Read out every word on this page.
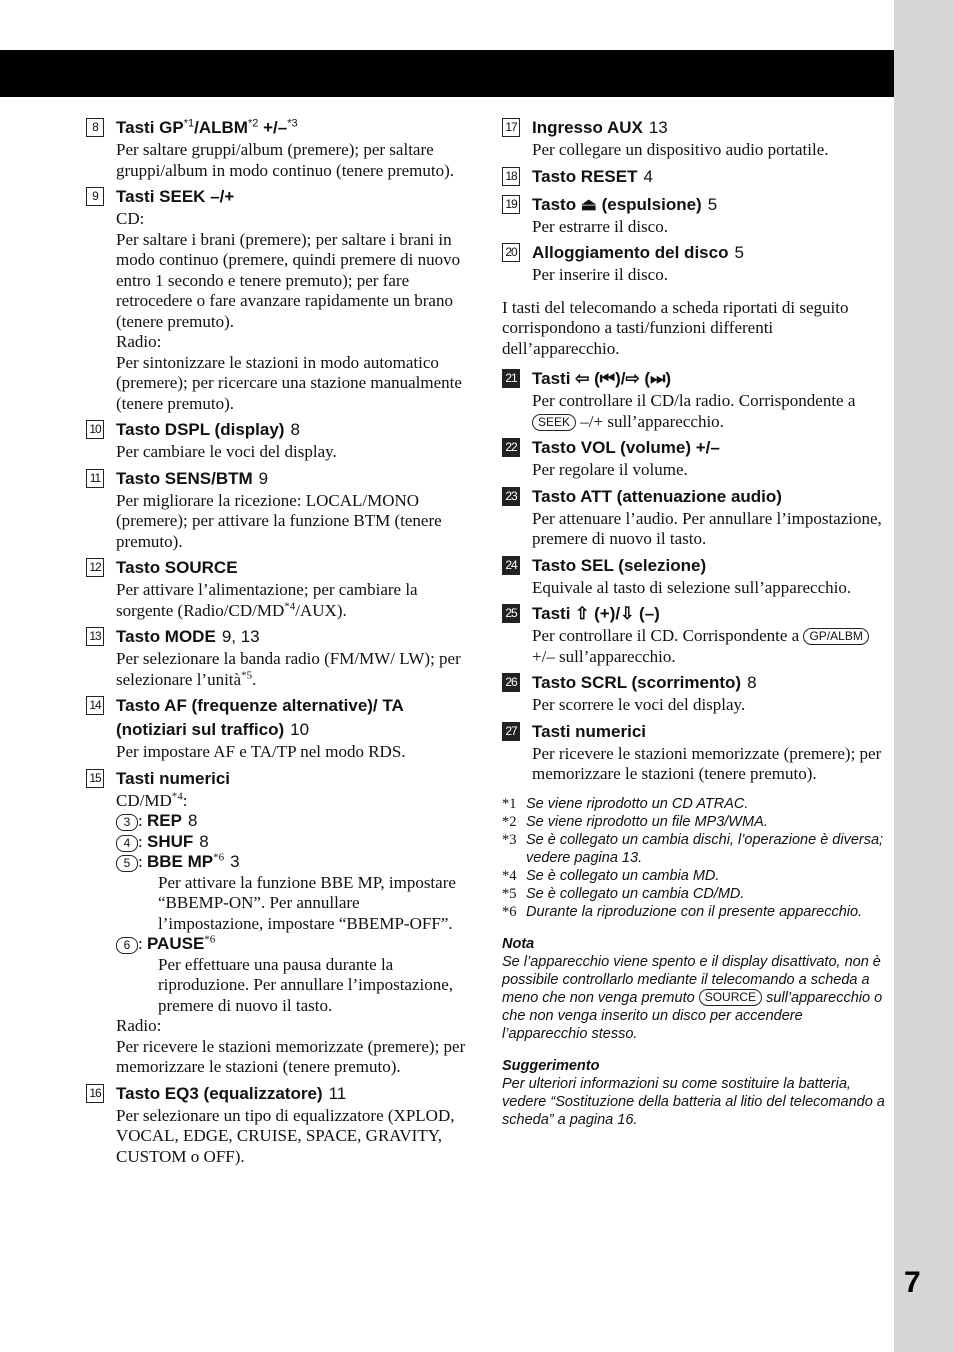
7
8	Tasti $GP^{*1}/ALBM^{*2} +/-^{*3}$
Per saltare gruppi/album (premere); per saltare gruppi/album in modo continuo (tenere premuto).
9	Tasti SEEK –/+
CD:
Per saltare i brani (premere); per saltare i brani in modo continuo (premere, quindi premere di nuovo entro 1 secondo e tenere premuto); per fare retrocedere o fare avanzare rapidamente un brano (tenere premuto).
Radio:
Per sintonizzare le stazioni in modo automatico (premere); per ricercare una stazione manualmente (tenere premuto).
10 Tasto DSPL (display) 8
Per cambiare le voci del display.
11 Tasto SENS/BTM 9
Per migliorare la ricezione: LOCAL/MONO (premere); per attivare la funzione BTM (tenere premuto).
12 Tasto SOURCE
Per attivare l’alimentazione; per cambiare la sorgente (Radio/CD/MD$^{*4}$/AUX).
13 Tasto MODE 9, 13
Per selezionare la banda radio (FM/MW/ LW); per selezionare l’unità$^{*5}$.
14 Tasto AF (frequenze alternative)/ TA (notiziari sul traffico) 10
Per impostare AF e TA/TP nel modo RDS.
15 Tasti numerici
CD/MD$^{*4}$:
3 : REP 8
4 : SHUF 8
5 : BBE MP$^{*6}$ 3
Per attivare la funzione BBE MP, impostare “BBEMP-ON”. Per annullare l’impostazione, impostare “BBEMP-OFF”.
6 : PAUSE$^{*6}$
Per effettuare una pausa durante la riproduzione. Per annullare l’impostazione, premere di nuovo il tasto.
Radio:
Per ricevere le stazioni memorizzate (premere); per memorizzare le stazioni (tenere premuto).
16 Tasto EQ3 (equalizzatore) 11
Per selezionare un tipo di equalizzatore (XPLOD, VOCAL, EDGE, CRUISE, SPACE, GRAVITY, CUSTOM o OFF).
17 Ingresso AUX 13
Per collegare un dispositivo audio portatile.
18 Tasto RESET 4
19 Tasto ⏏ (espulsione) 5
Per estrarre il disco.
20 Alloggiamento del disco 5
Per inserire il disco.
I tasti del telecomando a scheda riportati di seguito corrispondono a tasti/funzioni differenti dell’apparecchio.
21 Tasti ⇦ (⏮)/⇨ (⏭)
Per controllare il CD/la radio. Corrispondente a SEEK –/+ sull’apparecchio.
22 Tasto VOL (volume) +/–
Per regolare il volume.
23 Tasto ATT (attenuazione audio)
Per attenuare l’audio. Per annullare l’impostazione, premere di nuovo il tasto.
24 Tasto SEL (selezione)
Equivale al tasto di selezione sull’apparecchio.
25 Tasti ⇧ (+)/⇩ (–)
Per controllare il CD. Corrispondente a GP/ALBM +/– sull’apparecchio.
26 Tasto SCRL (scorrimento) 8
Per scorrere le voci del display.
27 Tasti numerici
Per ricevere le stazioni memorizzate (premere); per memorizzare le stazioni (tenere premuto).
*1 Se viene riprodotto un CD ATRAC.
*2 Se viene riprodotto un file MP3/WMA.
*3 Se è collegato un cambia dischi, l’operazione è diversa; vedere pagina 13.
*4 Se è collegato un cambia MD.
*5 Se è collegato un cambia CD/MD.
*6 Durante la riproduzione con il presente apparecchio.
Nota
Se l’apparecchio viene spento e il display disattivato, non è possibile controllarlo mediante il telecomando a scheda a meno che non venga premuto SOURCE sull’apparecchio o che non venga inserito un disco per accendere l’apparecchio stesso.
Suggerimento
Per ulteriori informazioni su come sostituire la batteria, vedere “Sostituzione della batteria al litio del telecomando a scheda” a pagina 16.
